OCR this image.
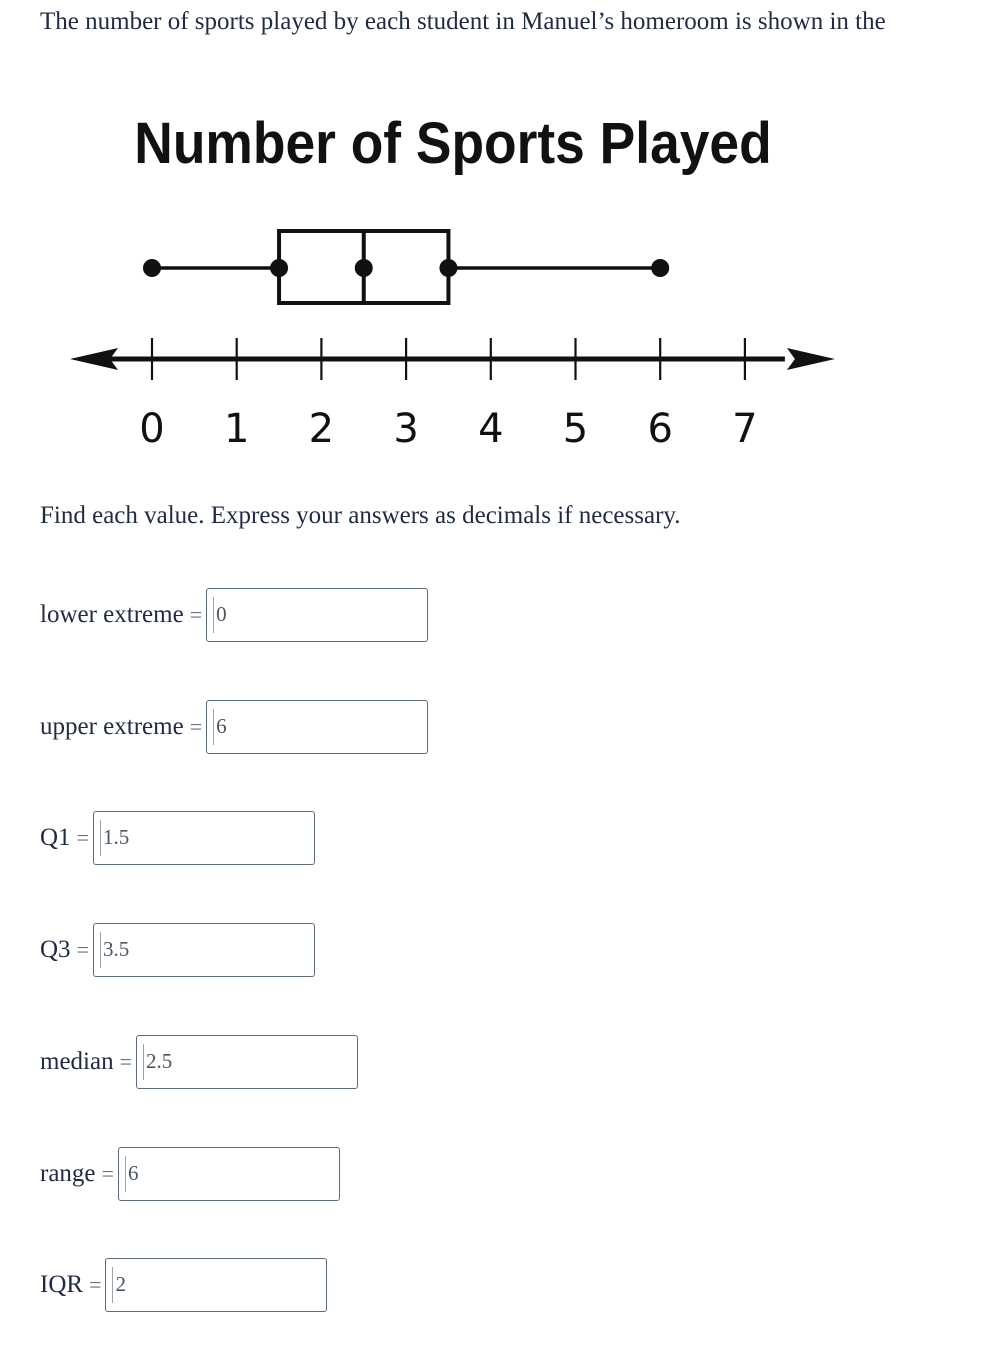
The number of sports played by each student in Manuel’s homeroom is shown in the
Number of Sports Played
0 1 2 3 4 5 6 7
Find each value. Express your answers as decimals if necessary.
lower extreme = 0
upper extreme = 6
Q1 = 1.5
Q3 = 3.5
median = 2.5
range = 6
IQR = 2
